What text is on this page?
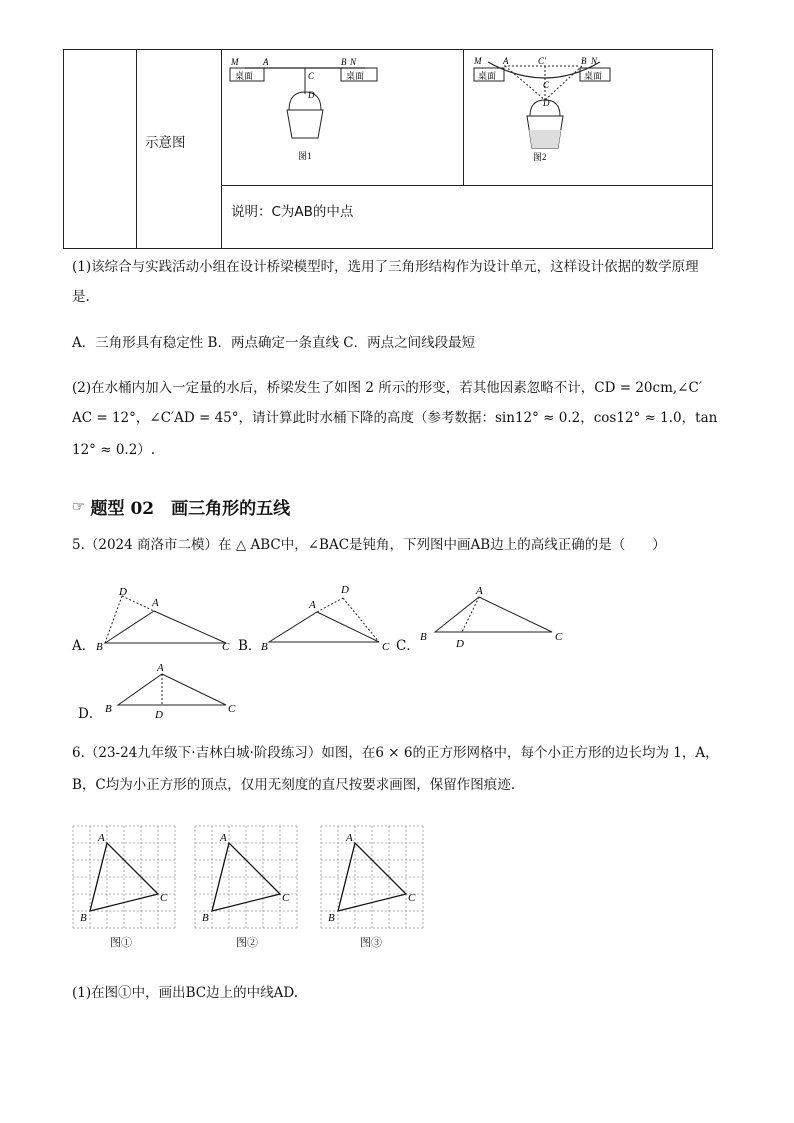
示意图
说明：C为AB的中点
桌面	桌面
M	A	B N
C
D
图1
桌面	桌面
M A	C′	B N
C
D
图2
(1)该综合与实践活动小组在设计桥梁模型时，选用了三角形结构作为设计单元，这样设计依据的数学原理
是.
A．三角形具有稳定性 B．两点确定一条直线 C．两点之间线段最短
(2)在水桶内加入一定量的水后，桥梁发生了如图 2 所示的形变，若其他因素忽略不计，CD = 20cm,∠C′
AC = 12°，∠C′AD = 45°，请计算此时水桶下降的高度（参考数据：sin12° ≈ 0.2，cos12° ≈ 1.0，tan
12° ≈ 0.2）.
☞ 题型 02　画三角形的五线
5.（2024 商洛市二模）在 △ ABC中，∠BAC是钝角，下列图中画AB边上的高线正确的是（　　）
A． B
A
C
D
B． B
A
C
D
C．
B
A
C
D
D． B
A
C
D
6.（23-24九年级下·吉林白城·阶段练习）如图，在6 × 6的正方形网格中，每个小正方形的边长均为 1，A，
B，C均为小正方形的顶点，仅用无刻度的直尺按要求画图，保留作图痕迹.
A
B
C
图①
A
B
C
图②
A
B
C
图③
(1)在图①中，画出BC边上的中线AD.
